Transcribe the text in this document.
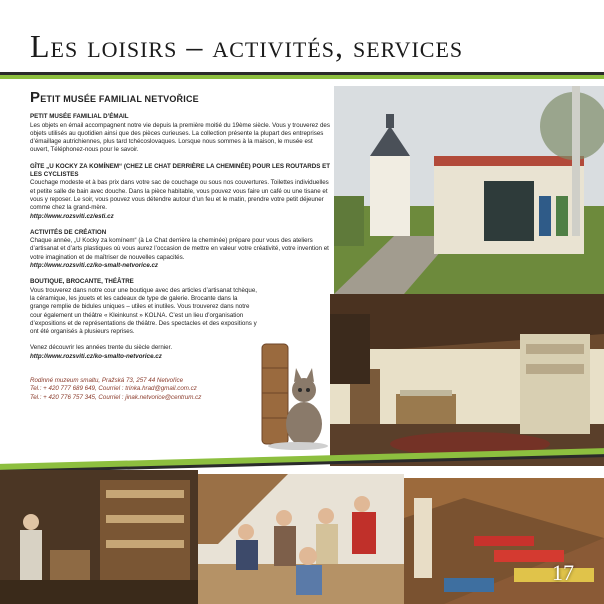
Les loisirs – activités, services
PETIT MUSÉE FAMILIAL NETVOŘICE
PETIT MUSÉE FAMILIAL D’ÉMAIL
Les objets en émail accompagnent notre vie depuis la première moitié du 19ème siècle. Vous y trouverez des objets utilisés au quotidien ainsi que des pièces curieuses. La collection présente la plupart des entreprises d’émaillage autrichiennes, plus tard tchécoslovaques. Lorsque nous sommes à la maison, le musée est ouvert, Téléphonez-nous pour le savoir.
GÎTE „U KOCKY ZA KOMÍNEM“ (CHEZ LE CHAT DERRIÈRE LA CHEMINÉE) POUR LES ROUTARDS ET LES CYCLISTES
Couchage modeste et à bas prix dans votre sac de couchage ou sous nos couvertures. Toilettes individuelles et petite salle de bain avec douche. Dans la pièce habitable, vous pouvez vous faire un café ou une tisane et vous y reposer. Le soir, vous pouvez vous détendre autour d’un feu et le matin, prendre votre petit déjeuner comme chez la grand-mère.
http://www.rozsviti.cz/esti.cz
ACTIVITÉS DE CRÉATION
Chaque année, „U Kocky za komínem“ (à Le Chat derrière la cheminée) prépare pour vous des ateliers d’artisanat et d’arts plastiques où vous aurez l’occasion de mettre en valeur votre créativité, votre invention et votre imagination et de maîtriser de nouvelles capacités.
http://www.rozsviti.cz/ko-smalt-netvorice.cz
BOUTIQUE, BROCANTE, THÉÂTRE
Vous trouverez dans notre cour une boutique avec des articles d’artisanat tchèque, la céramique, les jouets et les cadeaux de type de galerie. Brocante dans la grange remplie de bidules uniques – utiles et inutiles. Vous trouverez dans notre cour également un théâtre « Kleinkunst » KOLNA. C’est un lieu d’organisation d’expositions et de représentations de théâtre. Des spectacles et des expositions y ont été organisés à plusieurs reprises.
Venez découvrir les années trente du siècle dernier.
http://www.rozsviti.cz/ko-smalto-netvorice.cz
Rodinné muzeum smaltu, Pražská 73, 257 44 Netvořice
Tel.: + 420 777 689 649, Courriel : trinka.hrad@gmail.com.cz
Tel.: + 420 776 757 345, Courriel : jinak.netvorice@centrum.cz
17
